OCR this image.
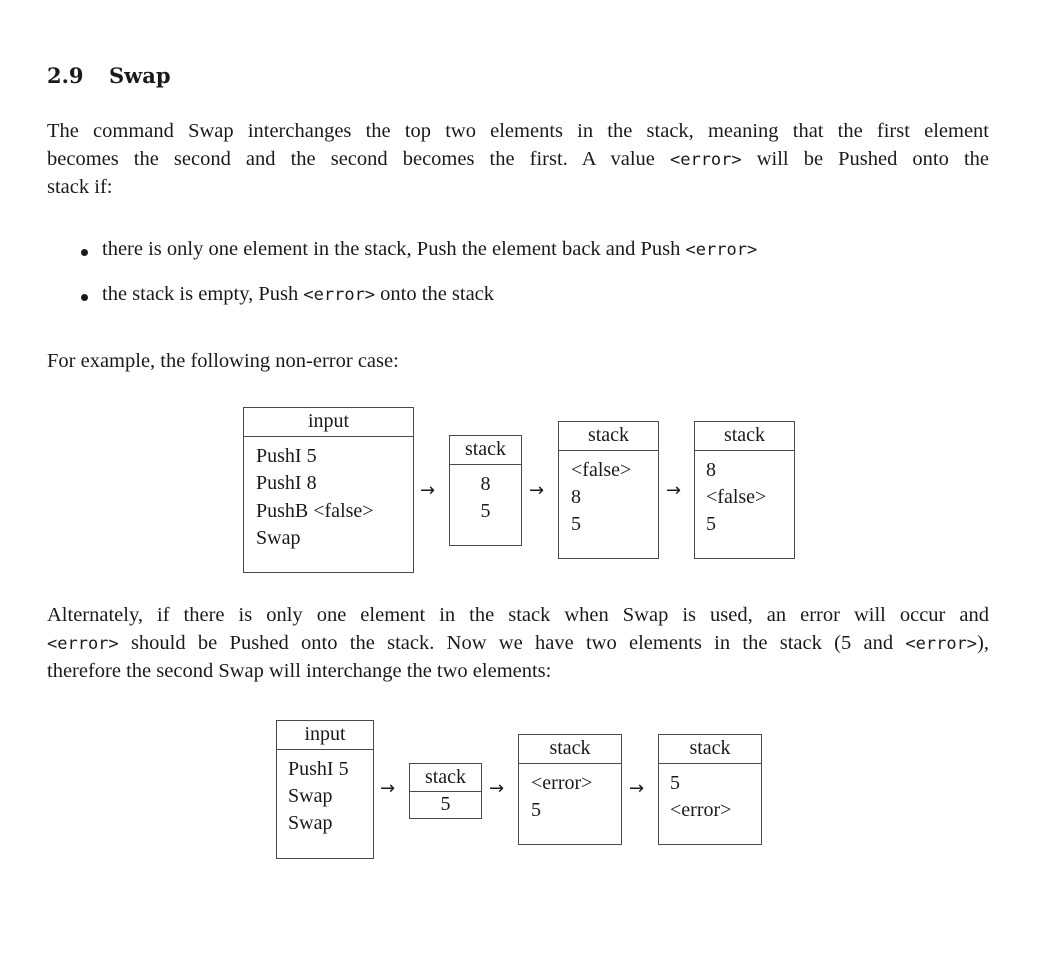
2.9 Swap
The command Swap interchanges the top two elements in the stack, meaning that the first element
becomes the second and the second becomes the first. A value <error> will be Pushed onto the
stack if:
there is only one element in the stack, Push the element back and Push <error>
the stack is empty, Push <error> onto the stack
For example, the following non-error case:
input
PushI 5
PushI 8
PushB <false>
Swap
→
stack
8
5
→
stack
<false>
8
5
→
stack
8
<false>
5
Alternately, if there is only one element in the stack when Swap is used, an error will occur and
<error> should be Pushed onto the stack. Now we have two elements in the stack (5 and <error>),
therefore the second Swap will interchange the two elements:
input
PushI 5
Swap
Swap
→
stack
5
→
stack
<error>
5
→
stack
5
<error>
